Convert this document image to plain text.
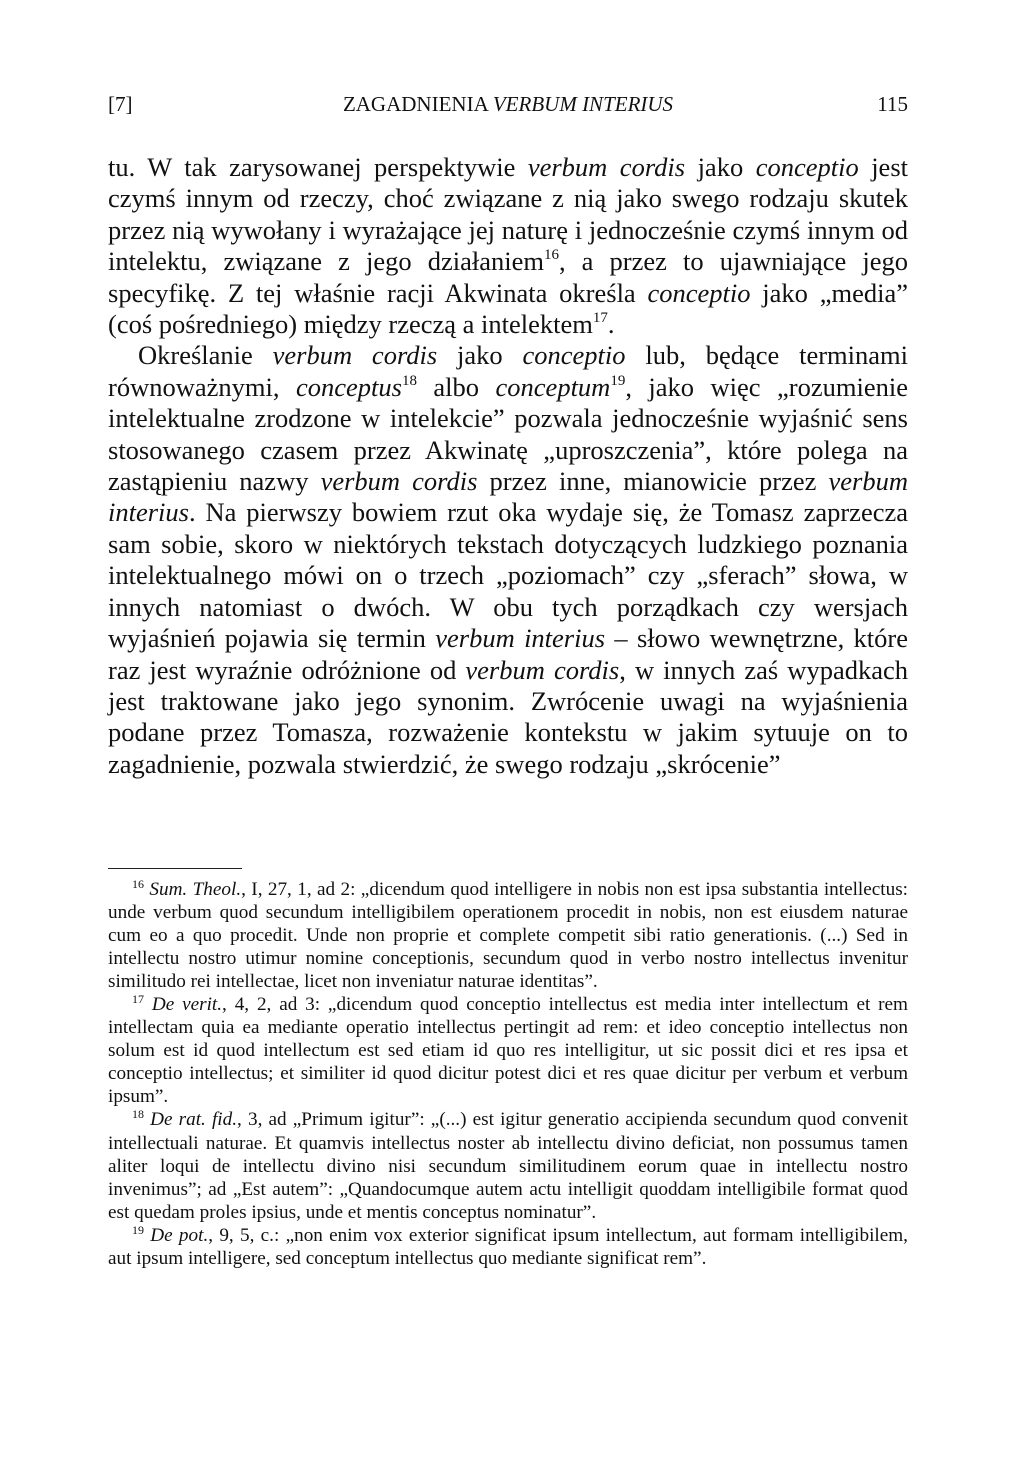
[7]	ZAGADNIENIA VERBUM INTERIUS	115

tu. W tak zarysowanej perspektywie verbum cordis jako conceptio jest czymś innym od rzeczy, choć związane z nią jako swego rodzaju skutek przez nią wywołany i wyrażające jej naturę i jednocześnie czymś innym od intelektu, związane z jego działaniem$^{16}$, a przez to ujawniające jego specyfikę. Z tej właśnie racji Akwinata określa conceptio jako „media” (coś pośredniego) między rzeczą a intelektem$^{17}$.

Określanie verbum cordis jako conceptio lub, będące terminami równoważnymi, conceptus$^{18}$ albo conceptum$^{19}$, jako więc „rozumienie intelektualne zrodzone w intelekcie” pozwala jednocześnie wyjaśnić sens stosowanego czasem przez Akwinatę „uproszczenia”, które polega na zastąpieniu nazwy verbum cordis przez inne, mianowicie przez verbum interius. Na pierwszy bowiem rzut oka wydaje się, że Tomasz zaprzecza sam sobie, skoro w niektórych tekstach dotyczących ludzkiego poznania intelektualnego mówi on o trzech „poziomach” czy „sferach” słowa, w innych natomiast o dwóch. W obu tych porządkach czy wersjach wyjaśnień pojawia się termin verbum interius – słowo wewnętrzne, które raz jest wyraźnie odróżnione od verbum cordis, w innych zaś wypadkach jest traktowane jako jego synonim. Zwrócenie uwagi na wyjaśnienia podane przez Tomasza, rozważenie kontekstu w jakim sytuuje on to zagadnienie, pozwala stwierdzić, że swego rodzaju „skrócenie”

$^{16}$ Sum. Theol., I, 27, 1, ad 2: „dicendum quod intelligere in nobis non est ipsa substantia intellectus: unde verbum quod secundum intelligibilem operationem procedit in nobis, non est eiusdem naturae cum eo a quo procedit. Unde non proprie et complete competit sibi ratio generationis. (...) Sed in intellectu nostro utimur nomine conceptionis, secundum quod in verbo nostro intellectus invenitur similitudo rei intellectae, licet non inveniatur naturae identitas”.

$^{17}$ De verit., 4, 2, ad 3: „dicendum quod conceptio intellectus est media inter intellectum et rem intellectam quia ea mediante operatio intellectus pertingit ad rem: et ideo conceptio intellectus non solum est id quod intellectum est sed etiam id quo res intelligitur, ut sic possit dici et res ipsa et conceptio intellectus; et similiter id quod dicitur potest dici et res quae dicitur per verbum et verbum ipsum”.

$^{18}$ De rat. fid., 3, ad „Primum igitur”: „(...) est igitur generatio accipienda secundum quod convenit intellectuali naturae. Et quamvis intellectus noster ab intellectu divino deficiat, non possumus tamen aliter loqui de intellectu divino nisi secundum similitudinem eorum quae in intellectu nostro invenimus”; ad „Est autem”: „Quandocumque autem actu intelligit quoddam intelligibile format quod est quedam proles ipsius, unde et mentis conceptus nominatur”.

$^{19}$ De pot., 9, 5, c.: „non enim vox exterior significat ipsum intellectum, aut formam intelligibilem, aut ipsum intelligere, sed conceptum intellectus quo mediante significat rem”.
